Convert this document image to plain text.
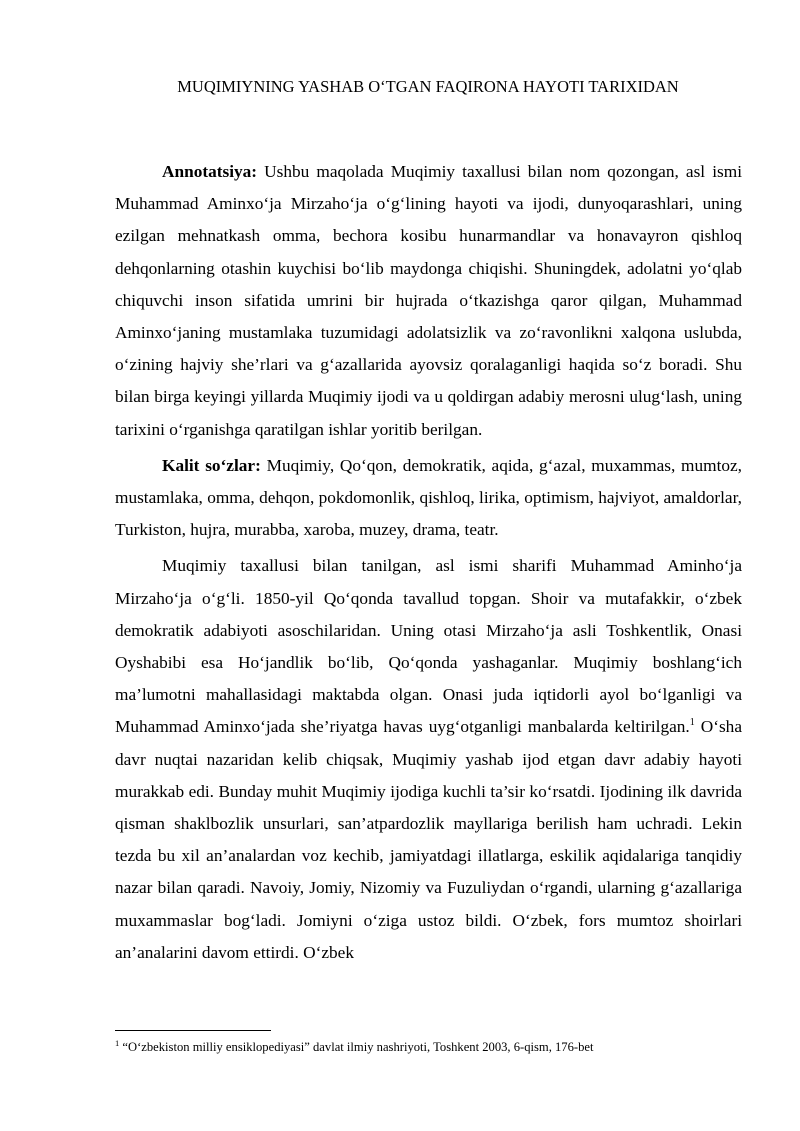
MUQIMIYNING YASHAB O‘TGAN FAQIRONA HAYOTI TARIXIDAN

Annotatsiya: Ushbu maqolada Muqimiy taxallusi bilan nom qozongan, asl ismi Muhammad Aminxo‘ja Mirzaho‘ja o‘g‘lining hayoti va ijodi, dunyoqarashlari, uning ezilgan mehnatkash omma, bechora kosibu hunarmandlar va honavayron qishloq dehqonlarning otashin kuychisi bo‘lib maydonga chiqishi. Shuningdek, adolatni yo‘qlab chiquvchi inson sifatida umrini bir hujrada o‘tkazishga qaror qilgan, Muhammad Aminxo‘janing mustamlaka tuzumidagi adolatsizlik va zo‘ravonlikni xalqona uslubda, o‘zining hajviy she’rlari va g‘azallarida ayovsiz qoralaganligi haqida so‘z boradi. Shu bilan birga keyingi yillarda Muqimiy ijodi va u qoldirgan adabiy merosni ulug‘lash, uning tarixini o‘rganishga qaratilgan ishlar yoritib berilgan.

Kalit so‘zlar: Muqimiy, Qo‘qon, demokratik, aqida, g‘azal, muxammas, mumtoz, mustamlaka, omma, dehqon, pokdomonlik, qishloq, lirika, optimism, hajviyot, amaldorlar, Turkiston, hujra, murabba, xaroba, muzey, drama, teatr.

Muqimiy taxallusi bilan tanilgan, asl ismi sharifi Muhammad Aminho‘ja Mirzaho‘ja o‘g‘li. 1850-yil Qo‘qonda tavallud topgan. Shoir va mutafakkir, o‘zbek demokratik adabiyoti asoschilaridan. Uning otasi Mirzaho‘ja asli Toshkentlik, Onasi Oyshabibi esa Ho‘jandlik bo‘lib, Qo‘qonda yashaganlar. Muqimiy boshlang‘ich ma’lumotni mahallasidagi maktabda olgan. Onasi juda iqtidorli ayol bo‘lganligi va Muhammad Aminxo‘jada she’riyatga havas uyg‘otganligi manbalarda keltirilgan.$^1$ O‘sha davr nuqtai nazaridan kelib chiqsak, Muqimiy yashab ijod etgan davr adabiy hayoti murakkab edi. Bunday muhit Muqimiy ijodiga kuchli ta’sir ko‘rsatdi. Ijodining ilk davrida qisman shaklbozlik unsurlari, san’atpardozlik mayllariga berilish ham uchradi. Lekin tezda bu xil an’analardan voz kechib, jamiyatdagi illatlarga, eskilik aqidalariga tanqidiy nazar bilan qaradi. Navoiy, Jomiy, Nizomiy va Fuzuliydan o‘rgandi, ularning g‘azallariga muxammaslar bog‘ladi. Jomiyni o‘ziga ustoz bildi. O‘zbek, fors mumtoz shoirlari an’analarini davom ettirdi. O‘zbek

$^1$ “O‘zbekiston milliy ensiklopediyasi” davlat ilmiy nashriyoti, Toshkent 2003, 6-qism, 176-bet
